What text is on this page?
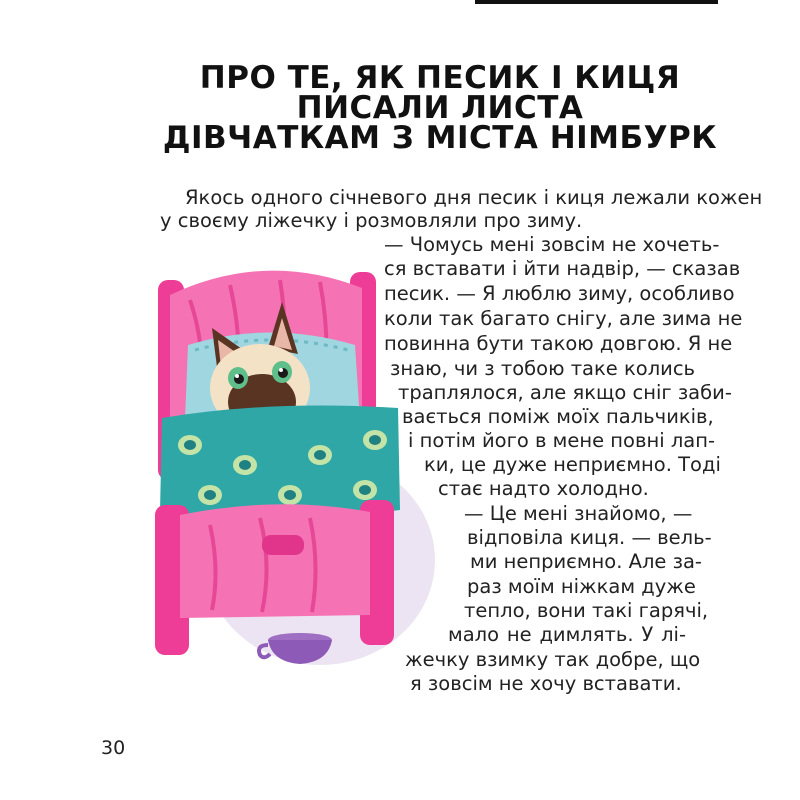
ПРО ТЕ, ЯК ПЕСИК І КИЦЯ
ПИСАЛИ ЛИСТА
ДІВЧАТКАМ З МІСТА НІМБУРК
Якось одного січневого дня песик і киця лежали кожен
у своєму ліжечку і розмовляли про зиму.
— Чомусь мені зовсім не хочеть-
ся вставати і йти надвір, — сказав
песик. — Я люблю зиму, особливо
коли так багато снігу, але зима не
повинна бути такою довгою. Я не
знаю, чи з тобою таке колись
траплялося, але якщо сніг заби-
вається поміж моїх пальчиків,
і потім його в мене повні лап-
ки, це дуже неприємно. Тоді
стає надто холодно.
— Це мені знайомо, —
відповіла киця. — вель-
ми неприємно. Але за-
раз моїм ніжкам дуже
тепло, вони такі гарячі,
мало не димлять. У лі-
жечку взимку так добре, що
я зовсім не хочу вставати.
30
